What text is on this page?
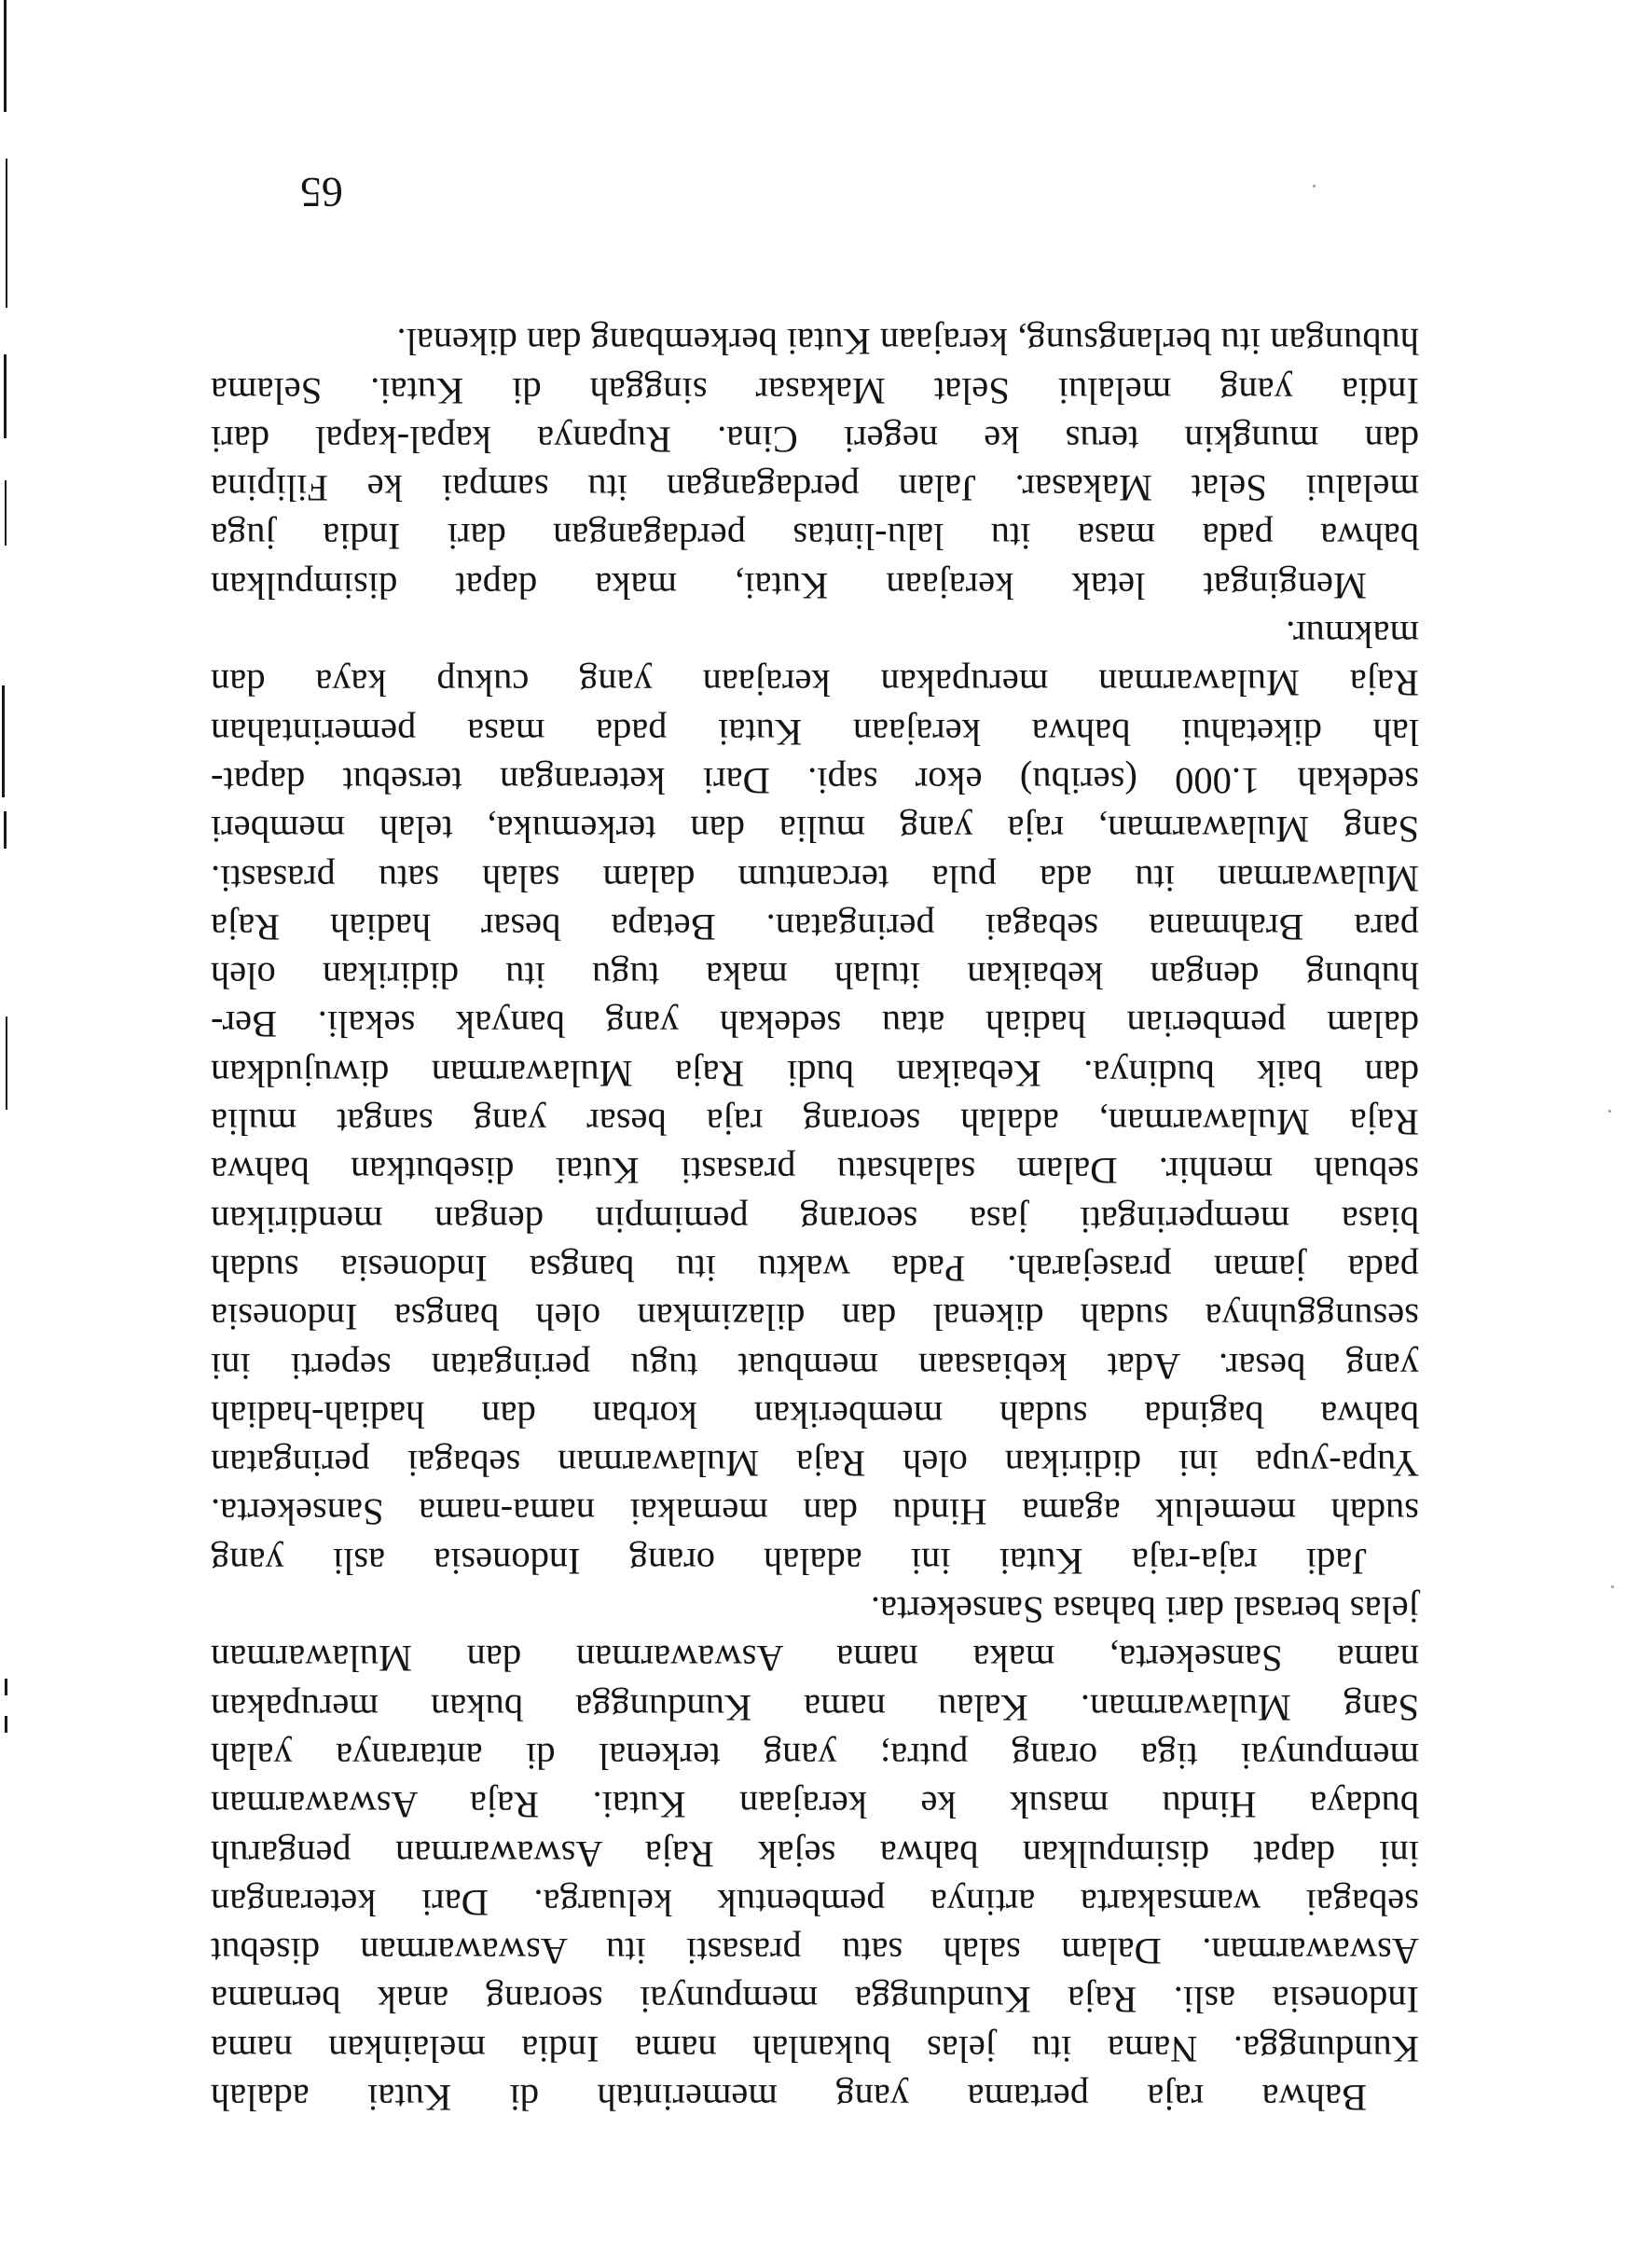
Bahwa raja pertama yang memerintah di Kutai adalah
Kundungga. Nama itu jelas bukanlah nama India melainkan nama
Indonesia asli. Raja Kundungga mempunyai seorang anak bernama
Aswawarman. Dalam salah satu prasasti itu Aswawarman disebut
sebagai wamsakarta artinya pembentuk keluarga. Dari keterangan
ini dapat disimpulkan bahwa sejak Raja Aswawarman pengaruh
budaya Hindu masuk ke kerajaan Kutai. Raja Aswawarman
mempunyai tiga orang putra; yang terkenal di antaranya yalah
Sang Mulawarman. Kalau nama Kundungga bukan merupakan
nama Sansekerta, maka nama Aswawarman dan Mulawarman
jelas berasal dari bahasa Sansekerta.

Jadi raja-raja Kutai ini adalah orang Indonesia asli yang
sudah memeluk agama Hindu dan memakai nama-nama Sansekerta.
Yupa-yupa ini didirikan oleh Raja Mulawarman sebagai peringatan
bahwa baginda sudah memberikan korban dan hadiah-hadiah
yang besar. Adat kebiasaan membuat tugu peringatan seperti ini
sesungguhnya sudah dikenal dan dilazimkan oleh bangsa Indonesia
pada jaman prasejarah. Pada waktu itu bangsa Indonesia sudah
biasa memperingati jasa seorang pemimpin dengan mendirikan
sebuah menhir. Dalam salahsatu prasasti Kutai disebutkan bahwa
Raja Mulawarman, adalah seorang raja besar yang sangat mulia
dan baik budinya. Kebaikan budi Raja Mulawarman diwujudkan
dalam pemberian hadiah atau sedekah yang banyak sekali. Ber-
hubung dengan kebaikan itulah maka tugu itu didirikan oleh
para Brahmana sebagai peringatan. Betapa besar hadiah Raja
Mulawarman itu ada pula tercantum dalam salah satu prasasti.
Sang Mulawarman, raja yang mulia dan terkemuka, telah memberi
sedekah 1.000 (seribu) ekor sapi. Dari keterangan tersebut dapat-
lah diketahui bahwa kerajaan Kutai pada masa pemerintahan
Raja Mulawarman merupakan kerajaan yang cukup kaya dan
makmur.

Mengingat letak kerajaan Kutai, maka dapat disimpulkan
bahwa pada masa itu lalu-lintas perdagangan dari India juga
melalui Selat Makasar. Jalan perdagangan itu sampai ke Filipina
dan mungkin terus ke negeri Cina. Rupanya kapal-kapal dari
India yang melalui Selat Makasar singgah di Kutai. Selama
hubungan itu berlangsung, kerajaan Kutai berkembang dan dikenal.

65
